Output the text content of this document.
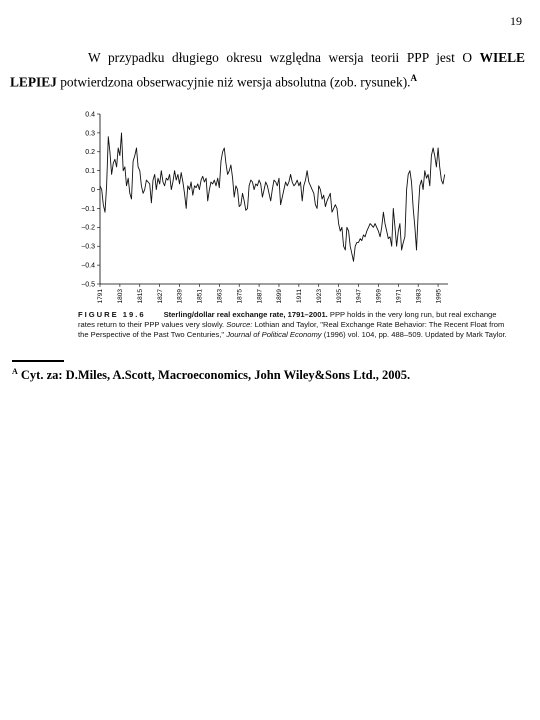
19

W przypadku długiego okresu względna wersja teorii PPP jest O WIELE LEPIEJ potwierdzona obserwacyjnie niż wersja absolutna (zob. rysunek).$^A$

0.4
0.3
0.2
0.1
0
−0.1
−0.2
−0.3
−0.4
−0.5
1791 1803 1815 1827 1839 1851 1863 1875 1887 1899 1911 1923 1935 1947 1959 1971 1983 1995

FIGURE 19.6 Sterling/dollar real exchange rate, 1791–2001. PPP holds in the very long run, but real exchange rates return to their PPP values very slowly. Source: Lothian and Taylor, "Real Exchange Rate Behavior: The Recent Float from the Perspective of the Past Two Centuries," Journal of Political Economy (1996) vol. 104, pp. 488–509. Updated by Mark Taylor.

$^A$ Cyt. za: D.Miles, A.Scott, Macroeconomics, John Wiley&Sons Ltd., 2005.
